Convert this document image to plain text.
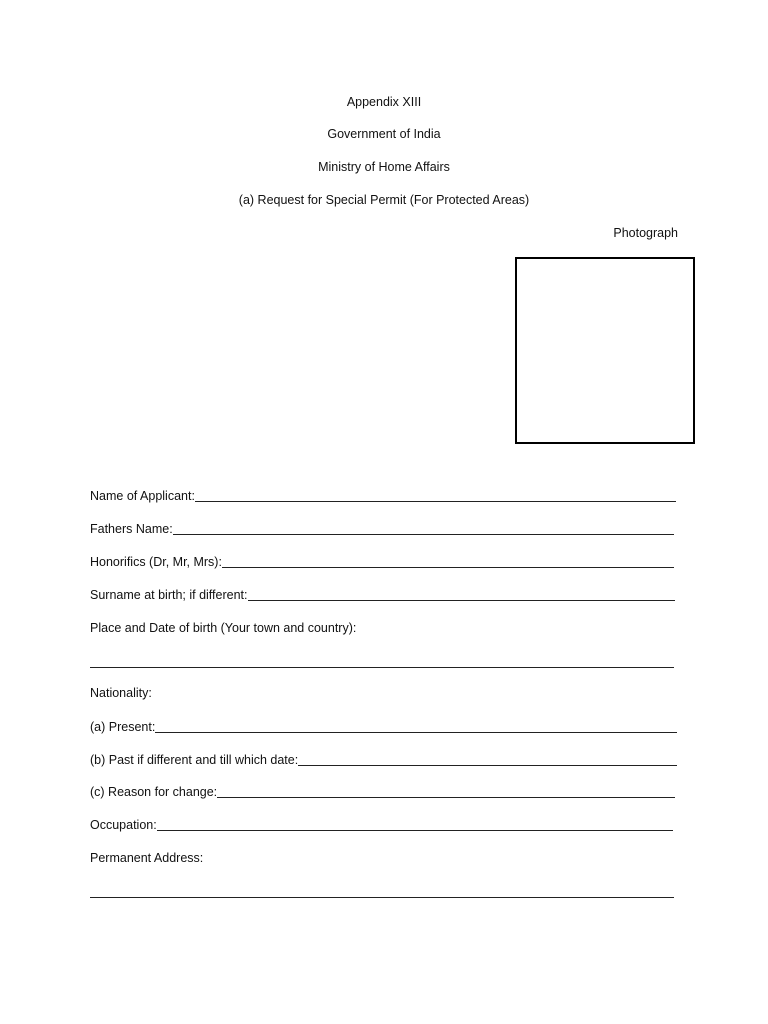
Appendix XIII
Government of India
Ministry of Home Affairs
(a) Request for Special Permit (For Protected Areas)
Photograph
Name of Applicant:
Fathers Name:
Honorifics (Dr, Mr, Mrs):
Surname at birth; if different:
Place and Date of birth (Your town and country):
Nationality:
(a) Present:
(b) Past if different and till which date:
(c) Reason for change:
Occupation:
Permanent Address:
